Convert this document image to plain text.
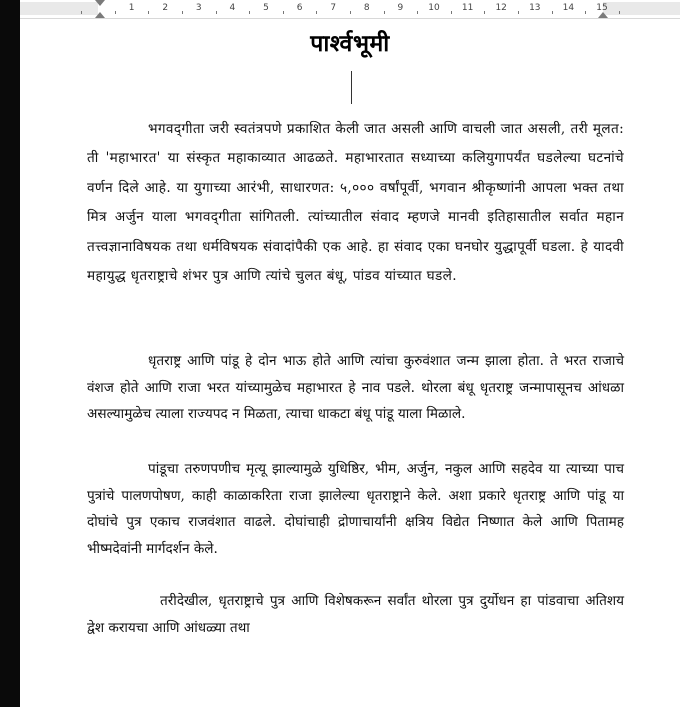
1	2	3	4	5	6	7	8	9	10 11 12 13 14 15
पार्श्वभूमी

भगवद्‌गीता जरी स्वतंत्रपणे प्रकाशित केली जात असली आणि वाचली जात असली, तरी मूलत: ती 'महाभारत' या संस्कृत महाकाव्यात आढळते. महाभारतात सध्याच्या कलियुगापर्यंत घडलेल्या घटनांचे वर्णन दिले आहे. या युगाच्या आरंभी, साधारणत: ५,००० वर्षांपूर्वी, भगवान श्रीकृष्णांनी आपला भक्त तथा मित्र अर्जुन याला भगवद्‌गीता सांगितली. त्यांच्यातील संवाद म्हणजे मानवी इतिहासातील सर्वात महान तत्त्वज्ञानाविषयक तथा धर्मविषयक संवादांपैकी एक आहे. हा संवाद एका घनघोर युद्धापूर्वी घडला. हे यादवी महायुद्ध धृतराष्ट्राचे शंभर पुत्र आणि त्यांचे चुलत बंधू, पांडव यांच्यात घडले.

धृतराष्ट्र आणि पांडू हे दोन भाऊ होते आणि त्यांचा कुरुवंशात जन्म झाला होता. ते भरत राजाचे वंशज होते आणि राजा भरत यांच्यामुळेच महाभारत हे नाव पडले. थोरला बंधू धृतराष्ट्र जन्मापासूनच आंधळा असल्यामुळेच त्याला राज्यपद न मिळता, त्याचा धाकटा बंधू पांडू याला मिळाले.

पांडूचा तरुणपणीच मृत्यू झाल्यामुळे युधिष्ठिर, भीम, अर्जुन, नकुल आणि सहदेव या त्याच्या पाच पुत्रांचे पालणपोषण, काही काळाकरिता राजा झालेल्या धृतराष्ट्राने केले. अशा प्रकारे धृतराष्ट्र आणि पांडू या दोघांचे पुत्र एकाच राजवंशात वाढले. दोघांचाही द्रोणाचार्यांनी क्षत्रिय विद्येत निष्णात केले आणि पितामह भीष्मदेवांनी मार्गदर्शन केले.

तरीदेखील, धृतराष्ट्राचे पुत्र आणि विशेषकरून सर्वांत थोरला पुत्र दुर्योधन हा पांडवाचा अतिशय द्वेश करायचा आणि आंधळ्या तथा
